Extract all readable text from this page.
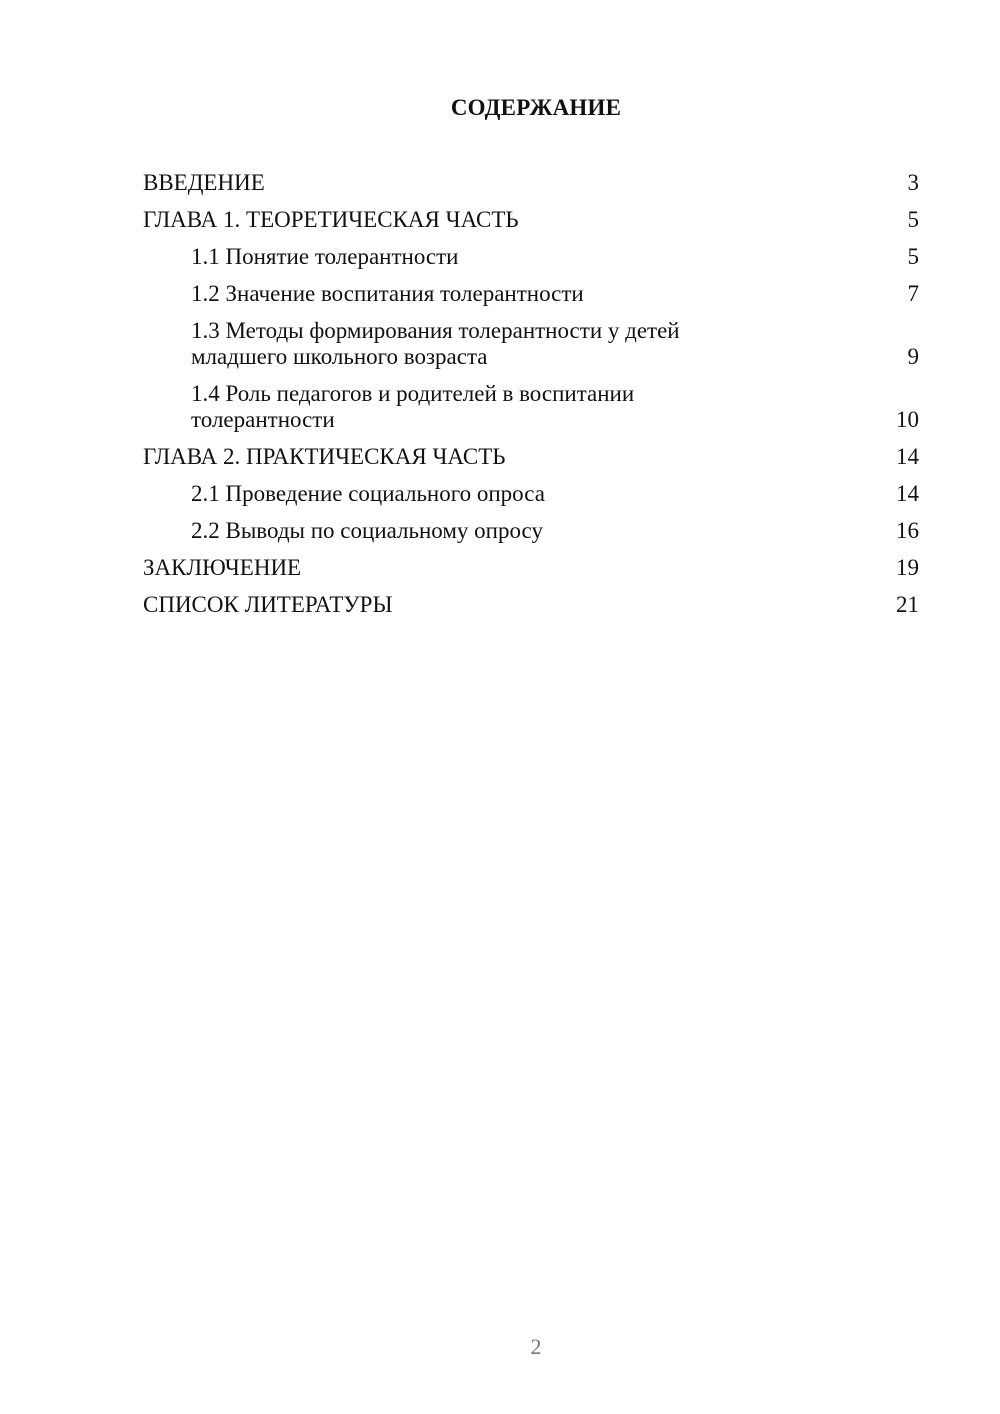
СОДЕРЖАНИЕ
ВВЕДЕНИЕ	3
ГЛАВА 1. ТЕОРЕТИЧЕСКАЯ ЧАСТЬ	5
1.1 Понятие толерантности	5
1.2 Значение воспитания толерантности	7
1.3 Методы формирования толерантности у детей младшего школьного возраста	9
1.4 Роль педагогов и родителей в воспитании толерантности	10
ГЛАВА 2. ПРАКТИЧЕСКАЯ ЧАСТЬ	14
2.1 Проведение социального опроса	14
2.2 Выводы по социальному опросу	16
ЗАКЛЮЧЕНИЕ	19
СПИСОК ЛИТЕРАТУРЫ	21
2
